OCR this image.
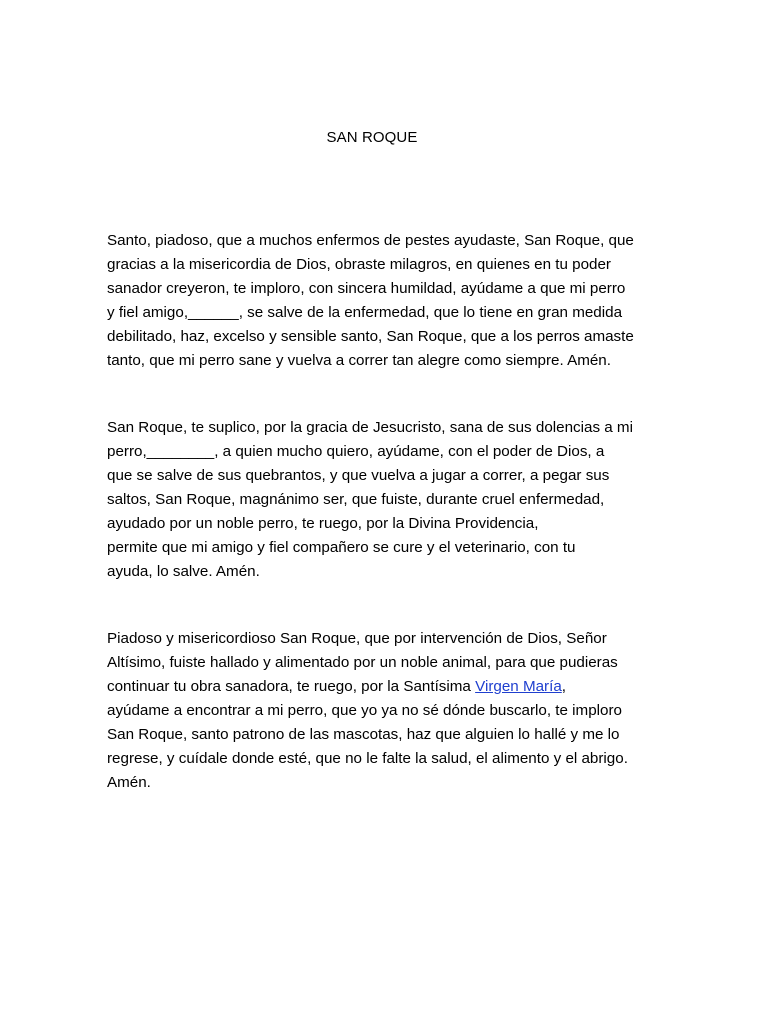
SAN ROQUE
Santo, piadoso, que a muchos enfermos de pestes ayudaste, San Roque, que
gracias a la misericordia de Dios, obraste milagros, en quienes en tu poder
sanador creyeron, te imploro, con sincera humildad, ayúdame a que mi perro
y fiel amigo,______, se salve de la enfermedad, que lo tiene en gran medida
debilitado, haz, excelso y sensible santo, San Roque, que a los perros amaste
tanto, que mi perro sane y vuelva a correr tan alegre como siempre. Amén.
San Roque, te suplico, por la gracia de Jesucristo, sana de sus dolencias a mi
perro,________, a quien mucho quiero, ayúdame, con el poder de Dios, a
que se salve de sus quebrantos, y que vuelva a jugar a correr, a pegar sus
saltos, San Roque, magnánimo ser, que fuiste, durante cruel enfermedad,
ayudado por un noble perro, te ruego, por la Divina Providencia,
permite que mi amigo y fiel compañero se cure y el veterinario, con tu
ayuda, lo salve. Amén.
Piadoso y misericordioso San Roque, que por intervención de Dios, Señor
Altísimo, fuiste hallado y alimentado por un noble animal, para que pudieras
continuar tu obra sanadora, te ruego, por la Santísima Virgen María,
ayúdame a encontrar a mi perro, que yo ya no sé dónde buscarlo, te imploro
San Roque, santo patrono de las mascotas, haz que alguien lo hallé y me lo
regrese, y cuídale donde esté, que no le falte la salud, el alimento y el abrigo.
Amén.
